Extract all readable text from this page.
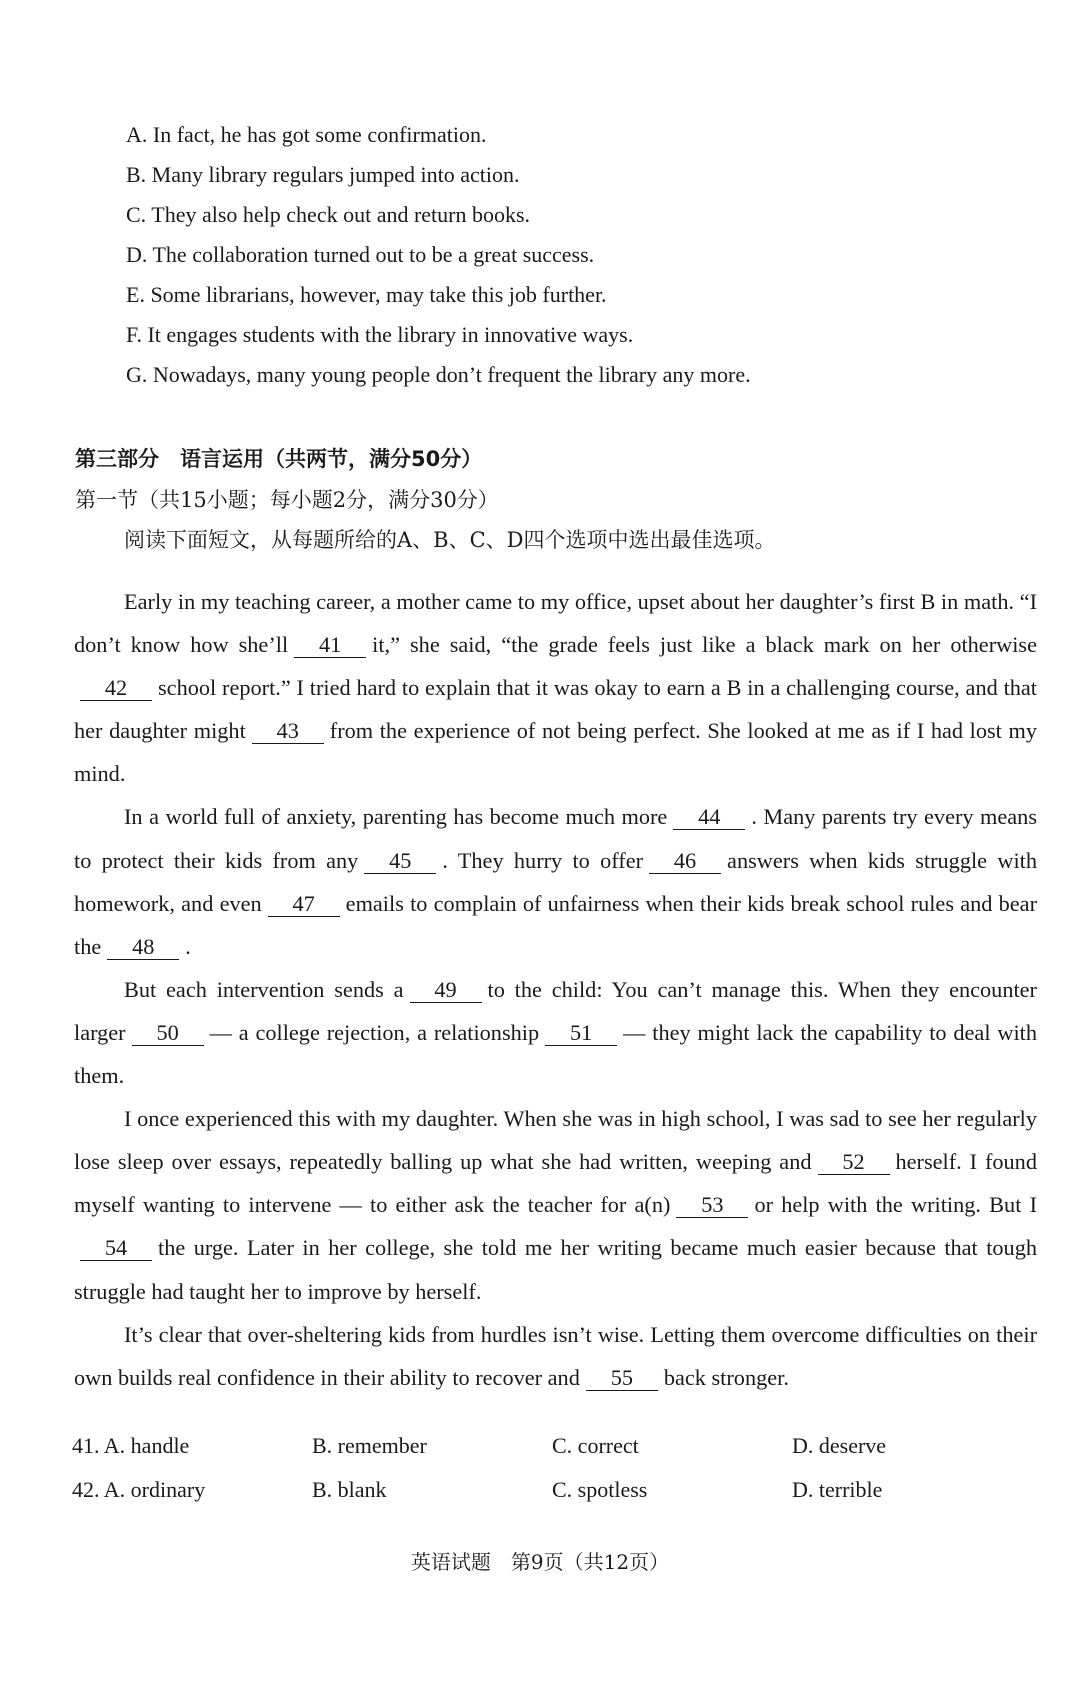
A. In fact, he has got some confirmation.
B. Many library regulars jumped into action.
C. They also help check out and return books.
D. The collaboration turned out to be a great success.
E. Some librarians, however, may take this job further.
F. It engages students with the library in innovative ways.
G. Nowadays, many young people don’t frequent the library any more.
第三部分　语言运用（共两节，满分50分）
第一节（共15小题；每小题2分，满分30分）
阅读下面短文，从每题所给的A、B、C、D四个选项中选出最佳选项。

Early in my teaching career, a mother came to my office, upset about her daughter’s first B in math. “I don’t know how she’ll 41 it,” she said, “the grade feels just like a black mark on her otherwise42 school report.” I tried hard to explain that it was okay to earn a B in a challenging course, and that her daughter might 43 from the experience of not being perfect. She looked at me as if I had lost my mind.

In a world full of anxiety, parenting has become much more 44 . Many parents try every means to protect their kids from any 45 . They hurry to offer 46 answers when kids struggle with homework, and even 47 emails to complain of unfairness when their kids break school rules and bear the 48 .

But each intervention sends a 49 to the child: You can’t manage this. When they encounter larger 50 — a college rejection, a relationship 51 — they might lack the capability to deal with them.

I once experienced this with my daughter. When she was in high school, I was sad to see her regularly lose sleep over essays, repeatedly balling up what she had written, weeping and 52 herself. I found myself wanting to intervene — to either ask the teacher for a(n) 53 or help with the writing. But I54 the urge. Later in her college, she told me her writing became much easier because that tough struggle had taught her to improve by herself.

It’s clear that over-sheltering kids from hurdles isn’t wise. Letting them overcome difficulties on their own builds real confidence in their ability to recover and 55 back stronger.

41. A. handle	B. remember	C. correct	D. deserve
42. A. ordinary	B. blank	C. spotless	D. terrible
英语试题　第9页（共12页）
